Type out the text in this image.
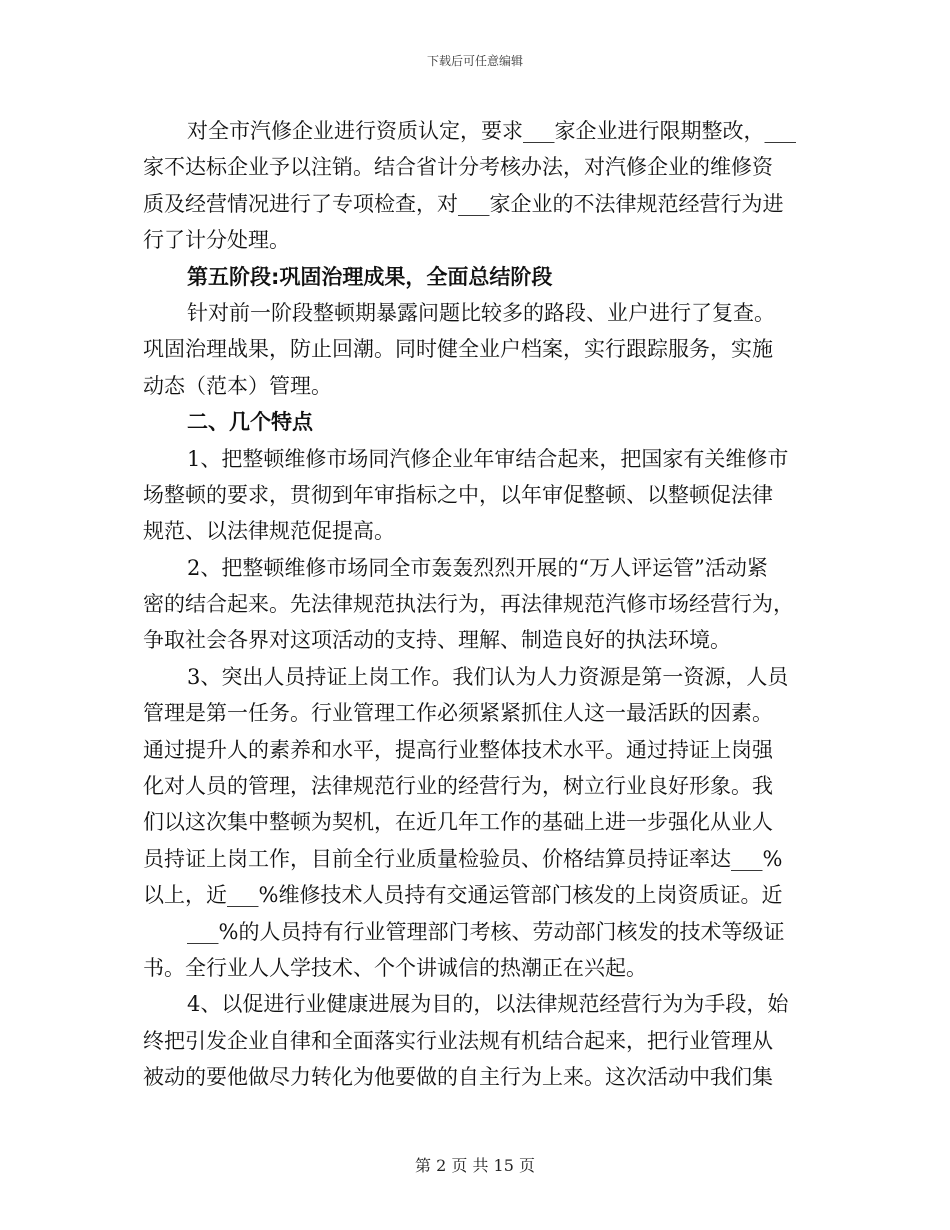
下载后可任意编辑
对全市汽修企业进行资质认定，要求___家企业进行限期整改，___
家不达标企业予以注销。结合省计分考核办法，对汽修企业的维修资
质及经营情况进行了专项检查，对___家企业的不法律规范经营行为进
行了计分处理。
第五阶段:巩固治理成果，全面总结阶段
针对前一阶段整顿期暴露问题比较多的路段、业户进行了复查。
巩固治理战果，防止回潮。同时健全业户档案，实行跟踪服务，实施
动态（范本）管理。
二、几个特点
1、把整顿维修市场同汽修企业年审结合起来，把国家有关维修市
场整顿的要求，贯彻到年审指标之中，以年审促整顿、以整顿促法律
规范、以法律规范促提高。
2、把整顿维修市场同全市轰轰烈烈开展的“万人评运管”活动紧
密的结合起来。先法律规范执法行为，再法律规范汽修市场经营行为，
争取社会各界对这项活动的支持、理解、制造良好的执法环境。
3、突出人员持证上岗工作。我们认为人力资源是第一资源，人员
管理是第一任务。行业管理工作必须紧紧抓住人这一最活跃的因素。
通过提升人的素养和水平，提高行业整体技术水平。通过持证上岗强
化对人员的管理，法律规范行业的经营行为，树立行业良好形象。我
们以这次集中整顿为契机，在近几年工作的基础上进一步强化从业人
员持证上岗工作，目前全行业质量检验员、价格结算员持证率达___%
以上，近___%维修技术人员持有交通运管部门核发的上岗资质证。近
___%的人员持有行业管理部门考核、劳动部门核发的技术等级证
书。全行业人人学技术、个个讲诚信的热潮正在兴起。
4、以促进行业健康进展为目的，以法律规范经营行为为手段，始
终把引发企业自律和全面落实行业法规有机结合起来，把行业管理从
被动的要他做尽力转化为他要做的自主行为上来。这次活动中我们集
第 2 页 共 15 页
